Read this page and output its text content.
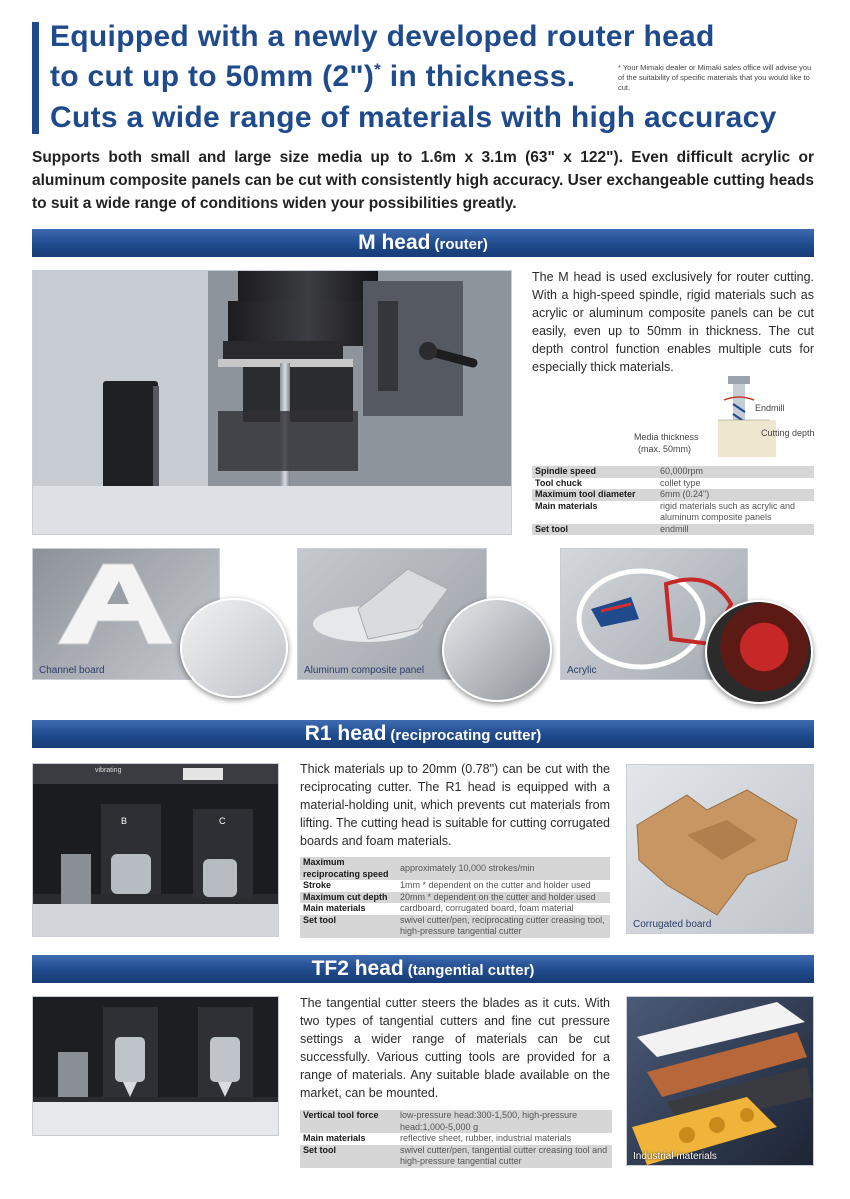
Equipped with a newly developed router head
to cut up to 50mm (2")* in thickness.
Cuts a wide range of materials with high accuracy
* Your Mimaki dealer or Mimaki sales office will advise you of the suitability of specific materials that you would like to cut.
Supports both small and large size media up to 1.6m x 3.1m (63" x 122"). Even difficult acrylic or aluminum composite panels can be cut with consistently high accuracy. User exchangeable cutting heads to suit a wide range of conditions widen your possibilities greatly.
M head (router)
The M head is used exclusively for router cutting. With a high-speed spindle, rigid materials such as acrylic or aluminum composite panels can be cut easily, even up to 50mm in thickness. The cut depth control function enables multiple cuts for especially thick materials.
Endmill
Cutting depth
Media thickness
(max. 50mm)
Spindle speed	60,000rpm
Tool chuck	collet type
Maximum tool diameter	6mm (0.24")
Main materials	rigid materials such as acrylic and aluminum composite panels
Set tool	endmill
Channel board	Aluminum composite panel	Acrylic
R1 head (reciprocating cutter)
vibrating
B	C
Thick materials up to 20mm (0.78") can be cut with the reciprocating cutter. The R1 head is equipped with a material-holding unit, which prevents cut materials from lifting. The cutting head is suitable for cutting corrugated boards and foam materials.
Maximum reciprocating speed	approximately 10,000 strokes/min
Stroke	1mm * dependent on the cutter and holder used
Maximum cut depth	20mm * dependent on the cutter and holder used
Main materials	cardboard, corrugated board, foam material
Set tool	swivel cutter/pen, reciprocating cutter creasing tool, high-pressure tangential cutter
Corrugated board
TF2 head (tangential cutter)
The tangential cutter steers the blades as it cuts. With two types of tangential cutters and fine cut pressure settings a wider range of materials can be cut successfully. Various cutting tools are provided for a range of materials. Any suitable blade available on the market, can be mounted.
Vertical tool force	low-pressure head:300-1,500, high-pressure head:1,000-5,000 g
Main materials	reflective sheet, rubber, industrial materials
Set tool	swivel cutter/pen, tangential cutter creasing tool and high-pressure tangential cutter	Industrial materials
